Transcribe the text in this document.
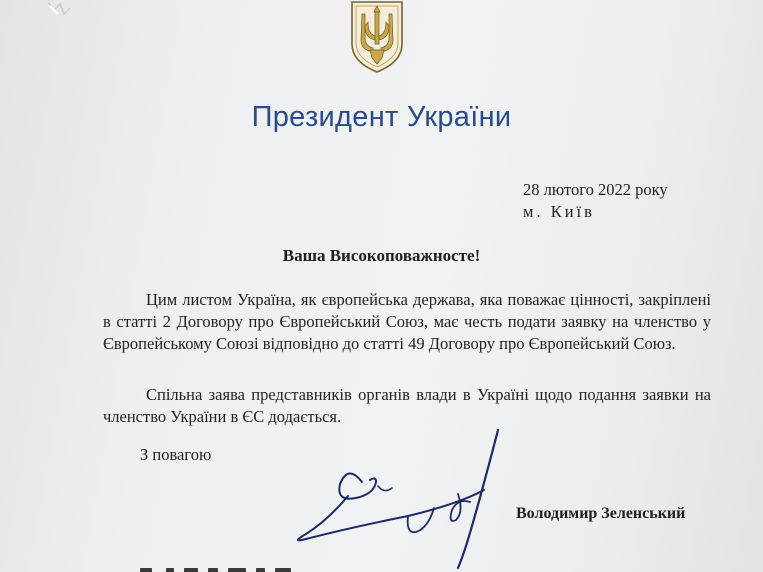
Президент України
28 лютого 2022 року
м. Київ
Ваша Високоповажносте!

Цим листом Україна, як європейська держава, яка поважає цінності, закріплені в статті 2 Договору про Європейський Союз, має честь подати заявку на членство у Європейському Союзі відповідно до статті 49 Договору про Європейський Союз.

Спільна заява представників органів влади в Україні щодо подання заявки на членство України в ЄС додається.

З повагою
Володимир Зеленський
